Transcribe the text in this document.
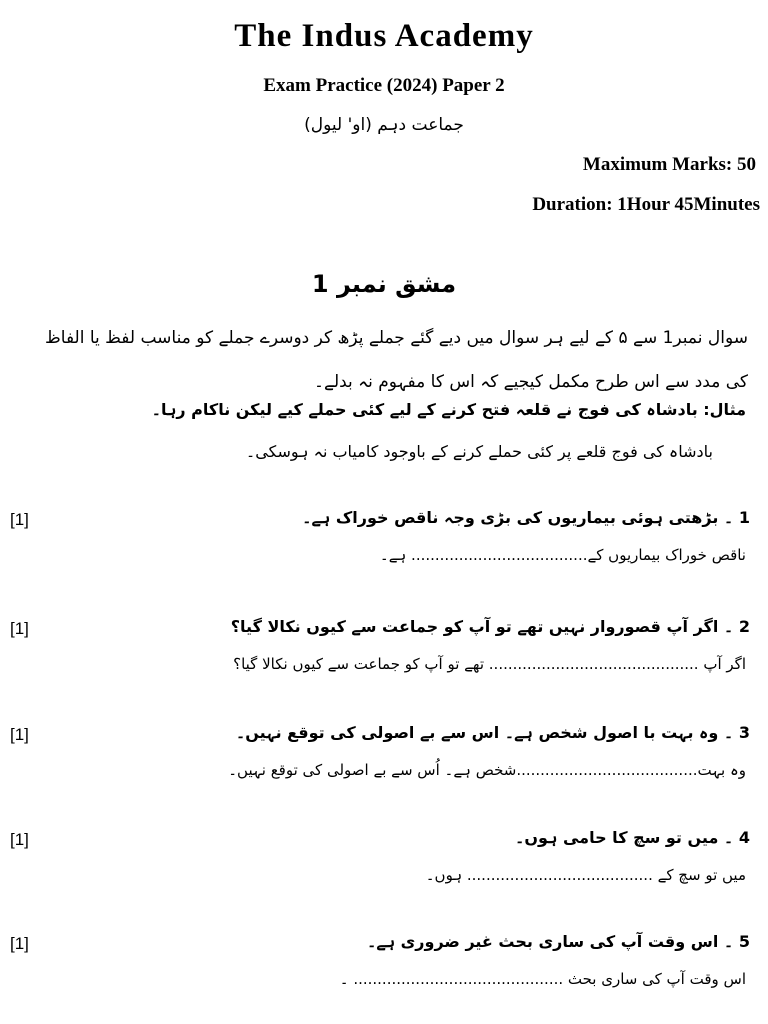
The Indus Academy
Exam Practice (2024) Paper 2
جماعت دہم (او' لیول)
Maximum Marks: 50
Duration: 1Hour 45Minutes
مشق نمبر 1
سوال نمبر1 سے ۵ کے لیے ہر سوال میں دیے گئے جملے پڑھ کر دوسرے جملے کو مناسب لفظ یا الفاظ کی مدد سے اس طرح مکمل کیجیے کہ اس کا مفہوم نہ بدلے۔
مثال: بادشاہ کی فوج نے قلعہ فتح کرنے کے لیے کئی حملے کیے لیکن ناکام رہا۔
بادشاہ کی فوج قلعے پر کئی حملے کرنے کے باوجود کامیاب نہ ہوسکی۔
[1]	1 ۔ بڑھتی ہوئی بیماریوں کی بڑی وجہ ناقص خوراک ہے۔
ناقص خوراک بیماریوں کے..................................... ہے۔
[1]	2 ۔ اگر آپ قصوروار نہیں تھے تو آپ کو جماعت سے کیوں نکالا گیا؟
اگر آپ ............................................ تھے تو آپ کو جماعت سے کیوں نکالا گیا؟
[1]	3 ۔ وہ بہت با اصول شخص ہے۔ اس سے بے اصولی کی توقع نہیں۔
وہ بہت......................................شخص ہے۔ اُس سے بے اصولی کی توقع نہیں۔
[1]	4 ۔ میں تو سچ کا حامی ہوں۔
میں تو سچ کے ....................................... ہوں۔
[1]	5 ۔ اس وقت آپ کی ساری بحث غیر ضروری ہے۔
اس وقت آپ کی ساری بحث ............................................ ۔
